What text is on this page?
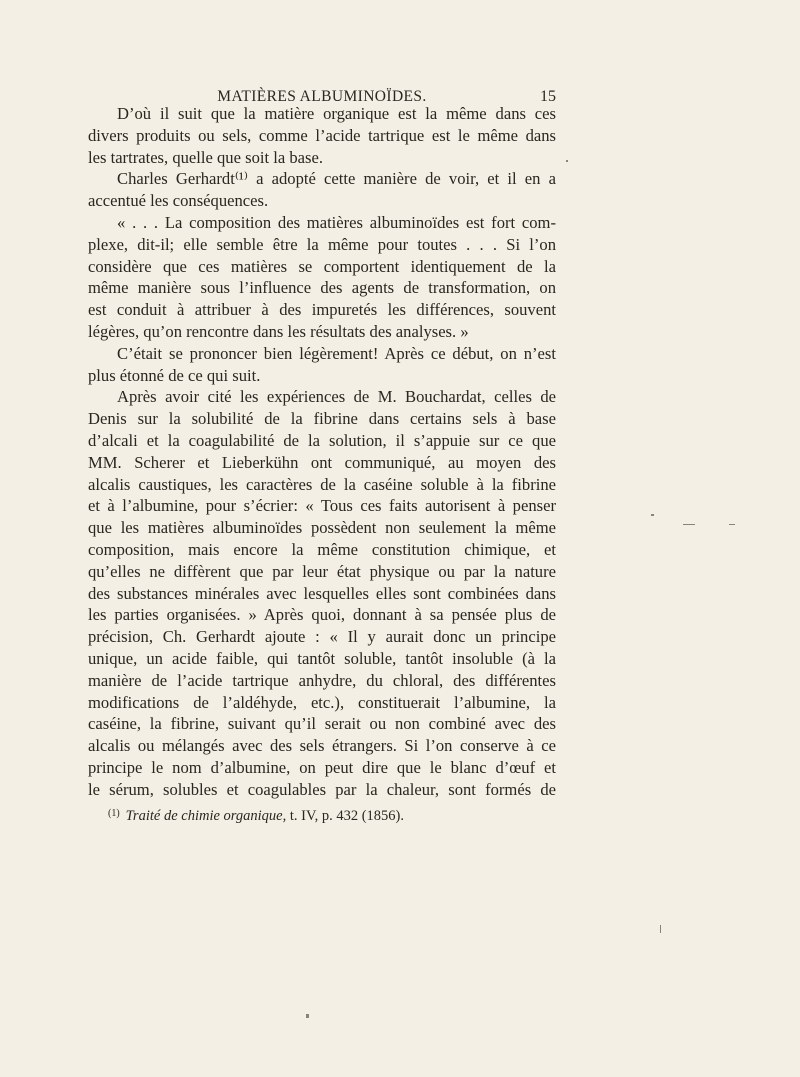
MATIÈRES ALBUMINOÏDES.	15
D’où il suit que la matière organique est la même dans ces
divers produits ou sels, comme l’acide tartrique est le même dans
les tartrates, quelle que soit la base.
Charles Gerhardt⁽¹⁾ a adopté cette manière de voir, et il en a
accentué les conséquences.
« . . . La composition des matières albuminoïdes est fort com-
plexe, dit-il; elle semble être la même pour toutes . . . Si l’on
considère que ces matières se comportent identiquement de la
même manière sous l’influence des agents de transformation, on
est conduit à attribuer à des impuretés les différences, souvent
légères, qu’on rencontre dans les résultats des analyses. »
C’était se prononcer bien légèrement! Après ce début, on n’est
plus étonné de ce qui suit.
Après avoir cité les expériences de M. Bouchardat, celles de
Denis sur la solubilité de la fibrine dans certains sels à base
d’alcali et la coagulabilité de la solution, il s’appuie sur ce que
MM. Scherer et Lieberkühn ont communiqué, au moyen des
alcalis caustiques, les caractères de la caséine soluble à la fibrine
et à l’albumine, pour s’écrier: « Tous ces faits autorisent à penser
que les matières albuminoïdes possèdent non seulement la même
composition, mais encore la même constitution chimique, et
qu’elles ne diffèrent que par leur état physique ou par la nature
des substances minérales avec lesquelles elles sont combinées dans
les parties organisées. » Après quoi, donnant à sa pensée plus de
précision, Ch. Gerhardt ajoute : « Il y aurait donc un principe
unique, un acide faible, qui tantôt soluble, tantôt insoluble (à la
manière de l’acide tartrique anhydre, du chloral, des différentes
modifications de l’aldéhyde, etc.), constituerait l’albumine, la
caséine, la fibrine, suivant qu’il serait ou non combiné avec des
alcalis ou mélangés avec des sels étrangers. Si l’on conserve à ce
principe le nom d’albumine, on peut dire que le blanc d’œuf et
le sérum, solubles et coagulables par la chaleur, sont formés de
$^{(1)}$ Traité de chimie organique, t. IV, p. 432 (1856).
